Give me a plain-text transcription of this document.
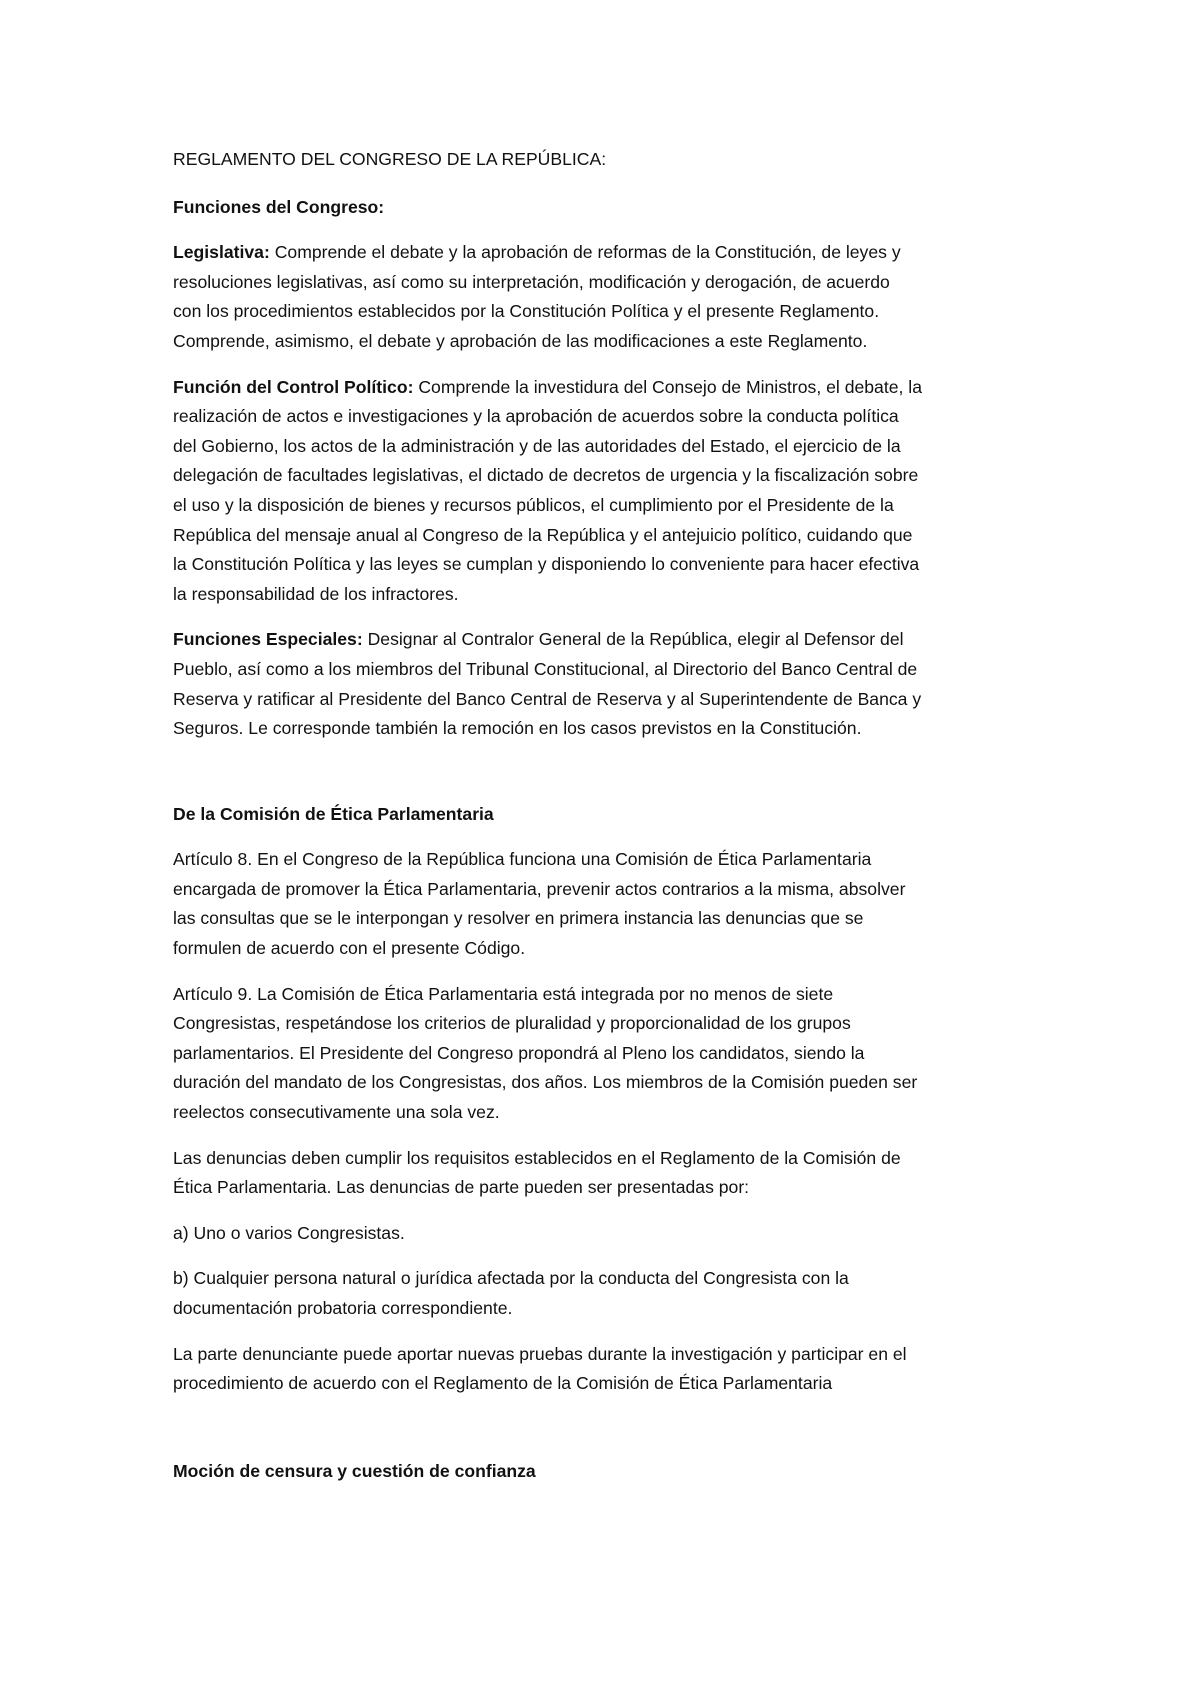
REGLAMENTO DEL CONGRESO DE LA REPÚBLICA:

Funciones del Congreso:

Legislativa: Comprende el debate y la aprobación de reformas de la Constitución, de leyes y
resoluciones legislativas, así como su interpretación, modificación y derogación, de acuerdo
con los procedimientos establecidos por la Constitución Política y el presente Reglamento.
Comprende, asimismo, el debate y aprobación de las modificaciones a este Reglamento.

Función del Control Político: Comprende la investidura del Consejo de Ministros, el debate, la
realización de actos e investigaciones y la aprobación de acuerdos sobre la conducta política
del Gobierno, los actos de la administración y de las autoridades del Estado, el ejercicio de la
delegación de facultades legislativas, el dictado de decretos de urgencia y la fiscalización sobre
el uso y la disposición de bienes y recursos públicos, el cumplimiento por el Presidente de la
República del mensaje anual al Congreso de la República y el antejuicio político, cuidando que
la Constitución Política y las leyes se cumplan y disponiendo lo conveniente para hacer efectiva
la responsabilidad de los infractores.

Funciones Especiales: Designar al Contralor General de la República, elegir al Defensor del
Pueblo, así como a los miembros del Tribunal Constitucional, al Directorio del Banco Central de
Reserva y ratificar al Presidente del Banco Central de Reserva y al Superintendente de Banca y
Seguros. Le corresponde también la remoción en los casos previstos en la Constitución.

De la Comisión de Ética Parlamentaria

Artículo 8. En el Congreso de la República funciona una Comisión de Ética Parlamentaria
encargada de promover la Ética Parlamentaria, prevenir actos contrarios a la misma, absolver
las consultas que se le interpongan y resolver en primera instancia las denuncias que se
formulen de acuerdo con el presente Código.

Artículo 9. La Comisión de Ética Parlamentaria está integrada por no menos de siete
Congresistas, respetándose los criterios de pluralidad y proporcionalidad de los grupos
parlamentarios. El Presidente del Congreso propondrá al Pleno los candidatos, siendo la
duración del mandato de los Congresistas, dos años. Los miembros de la Comisión pueden ser
reelectos consecutivamente una sola vez.

Las denuncias deben cumplir los requisitos establecidos en el Reglamento de la Comisión de
Ética Parlamentaria. Las denuncias de parte pueden ser presentadas por:

a) Uno o varios Congresistas.

b) Cualquier persona natural o jurídica afectada por la conducta del Congresista con la
documentación probatoria correspondiente.

La parte denunciante puede aportar nuevas pruebas durante la investigación y participar en el
procedimiento de acuerdo con el Reglamento de la Comisión de Ética Parlamentaria

Moción de censura y cuestión de confianza
